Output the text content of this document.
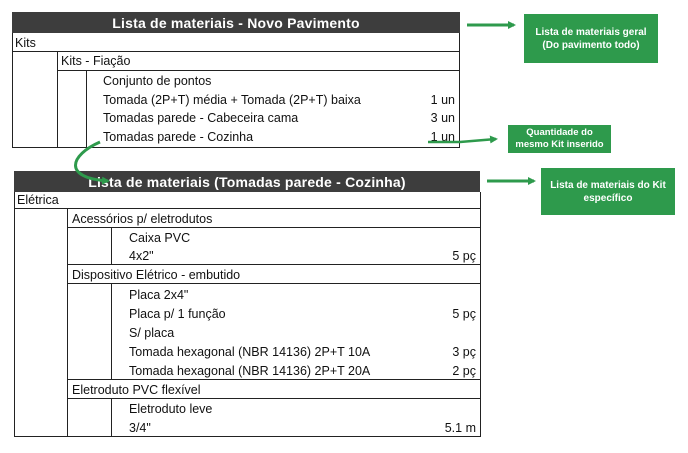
Lista de materiais - Novo Pavimento
Kits
Kits - Fiação
Conjunto de pontos
Tomada (2P+T) média + Tomada (2P+T) baixa	1 un
Tomadas parede - Cabeceira cama	3 un
Tomadas parede - Cozinha	1 un
Lista de materiais (Tomadas parede - Cozinha)
Elétrica
Acessórios p/ eletrodutos
Caixa PVC
4x2"	5 pç
Dispositivo Elétrico - embutido
Placa 2x4"
Placa p/ 1 função	5 pç
S/ placa
Tomada hexagonal (NBR 14136) 2P+T 10A	3 pç
Tomada hexagonal (NBR 14136) 2P+T 20A	2 pç
Eletroduto PVC flexível
Eletroduto leve
3/4"	5.1 m
Lista de materiais geral (Do pavimento todo)
Quantidade do mesmo Kit inserido
Lista de materiais do Kit específico
